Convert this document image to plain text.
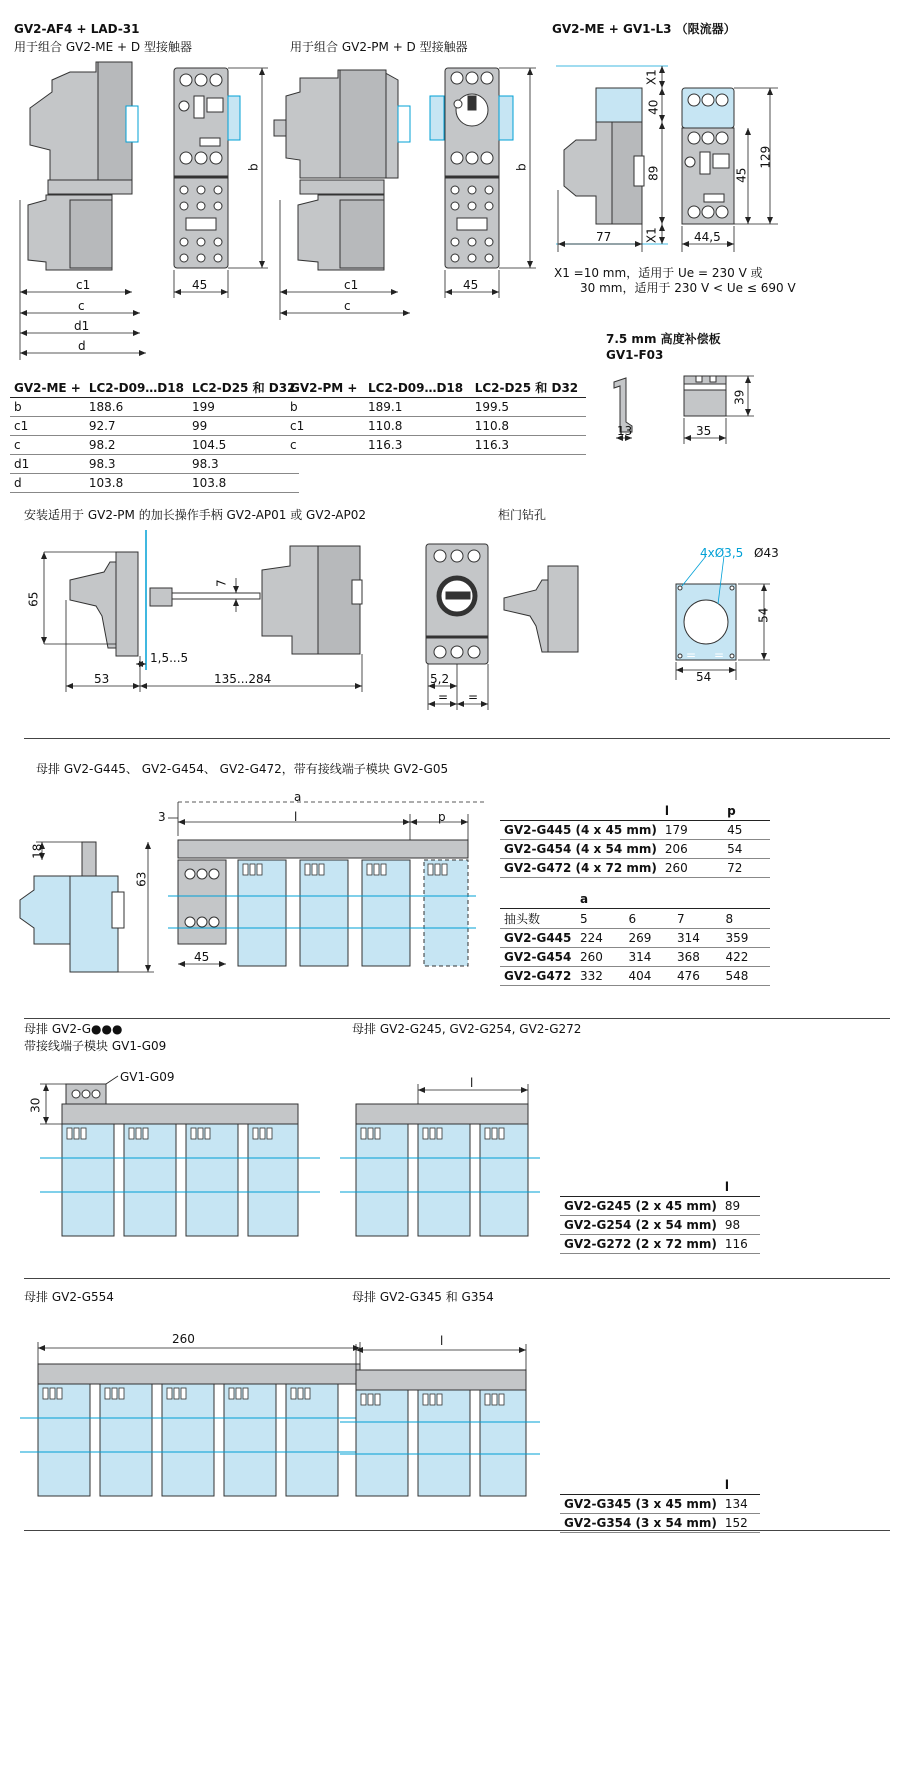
GV2-AF4 + LAD-31
用于组合 GV2-ME + D 型接触器	用于组合 GV2-PM + D 型接触器
GV2-ME + GV1-L3 （限流器）
c1
c
d1
d
45
b
c1
c
45
b
X1
40
89
X1
77	44,5
45
129
X1 =10 mm，适用于 Ue = 230 V 或
30 mm，适用于 230 V < Ue ≤ 690 V
7.5 mm 高度补偿板
GV1-F03
13	35
39
GV2-ME +	LC2-D09…D18	LC2-D25 和 D32
b	188.6	199
c1	92.7	99
c	98.2	104.5
d1	98.3	98.3
d	103.8	103.8
GV2-PM +	LC2-D09…D18	LC2-D25 和 D32
b	189.1	199.5
c1	110.8	110.8
c	116.3	116.3
安装适用于 GV2-PM 的加长操作手柄 GV2-AP01 或 GV2-AP02	柜门钻孔
65
7
1,5...5
53	135...284	5,2
= =
4xØ3,5 Ø43
54
54
= =
母排 GV2-G445、 GV2-G454、 GV2-G472，带有接线端子模块 GV2-G05
a
l	p
3
18
63
45
	l	p
GV2-G445 (4 x 45 mm)	179	45
GV2-G454 (4 x 54 mm)	206	54
GV2-G472 (4 x 72 mm)	260	72
	a			
抽头数	5	6	7	8
GV2-G445	224	269	314	359
GV2-G454	260	314	368	422
GV2-G472	332	404	476	548
母排 GV2-G●●●
带接线端子模块 GV1-G09
母排 GV2-G245, GV2-G254, GV2-G272
GV1-G09
30
l
	l
GV2-G245 (2 x 45 mm)	89
GV2-G254 (2 x 54 mm)	98
GV2-G272 (2 x 72 mm)	116
母排 GV2-G554	母排 GV2-G345 和 G354
260	l
	l
GV2-G345 (3 x 45 mm)	134
GV2-G354 (3 x 54 mm)	152
